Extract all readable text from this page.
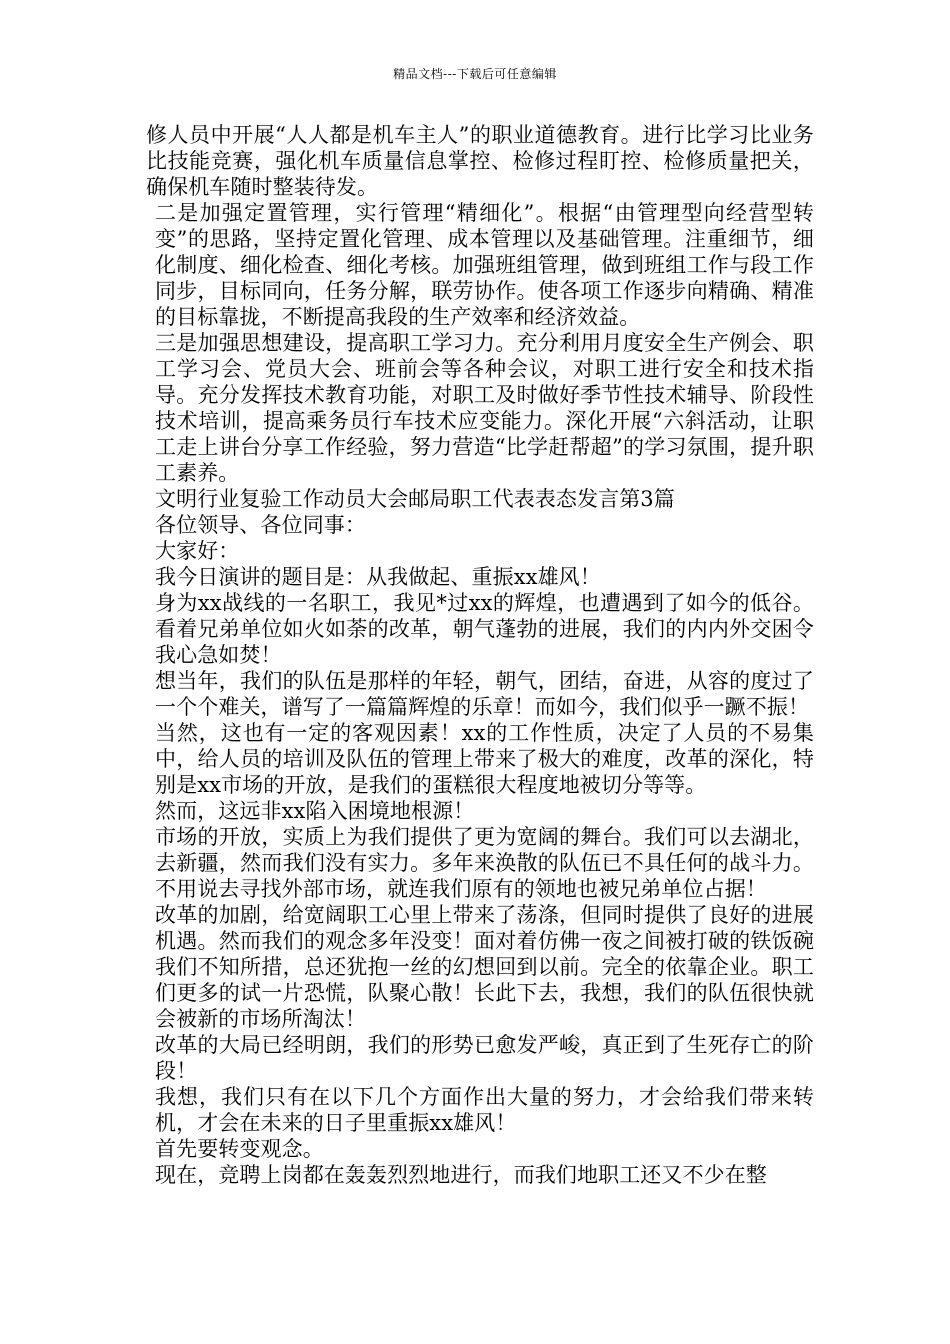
精品文档---下载后可任意编辑

修人员中开展“人人都是机车主人”的职业道德教育。进行比学习比业务比技能竞赛，强化机车质量信息掌控、检修过程盯控、检修质量把关，确保机车随时整装待发。

二是加强定置管理，实行管理“精细化”。根据“由管理型向经营型转变”的思路，坚持定置化管理、成本管理以及基础管理。注重细节，细化制度、细化检查、细化考核。加强班组管理，做到班组工作与段工作同步，目标同向，任务分解，联劳协作。使各项工作逐步向精确、精准的目标靠拢，不断提高我段的生产效率和经济效益。

三是加强思想建设，提高职工学习力。充分利用月度安全生产例会、职工学习会、党员大会、班前会等各种会议，对职工进行安全和技术指导。充分发挥技术教育功能，对职工及时做好季节性技术辅导、阶段性技术培训，提高乘务员行车技术应变能力。深化开展“六斜活动，让职工走上讲台分享工作经验，努力营造“比学赶帮超”的学习氛围，提升职工素养。

文明行业复验工作动员大会邮局职工代表表态发言第3篇

各位领导、各位同事：

大家好：

我今日演讲的题目是：从我做起、重振xx雄风！

身为xx战线的一名职工，我见*过xx的辉煌，也遭遇到了如今的低谷。看着兄弟单位如火如荼的改革，朝气蓬勃的进展，我们的内内外交困令我心急如焚！

想当年，我们的队伍是那样的年轻，朝气，团结，奋进，从容的度过了一个个难关，谱写了一篇篇辉煌的乐章！而如今，我们似乎一蹶不振！

当然，这也有一定的客观因素！xx的工作性质，决定了人员的不易集中，给人员的培训及队伍的管理上带来了极大的难度，改革的深化，特别是xx市场的开放，是我们的蛋糕很大程度地被切分等等。

然而，这远非xx陷入困境地根源！

市场的开放，实质上为我们提供了更为宽阔的舞台。我们可以去湖北，去新疆，然而我们没有实力。多年来涣散的队伍已不具任何的战斗力。不用说去寻找外部市场，就连我们原有的领地也被兄弟单位占据！

改革的加剧，给宽阔职工心里上带来了荡涤，但同时提供了良好的进展机遇。然而我们的观念多年没变！面对着仿佛一夜之间被打破的铁饭碗我们不知所措，总还犹抱一丝的幻想回到以前。完全的依靠企业。职工们更多的试一片恐慌，队聚心散！长此下去，我想，我们的队伍很快就会被新的市场所淘汰！

改革的大局已经明朗，我们的形势已愈发严峻，真正到了生死存亡的阶段！

我想，我们只有在以下几个方面作出大量的努力，才会给我们带来转机，才会在未来的日子里重振xx雄风！

首先要转变观念。

现在，竞聘上岗都在轰轰烈烈地进行，而我们地职工还又不少在整
